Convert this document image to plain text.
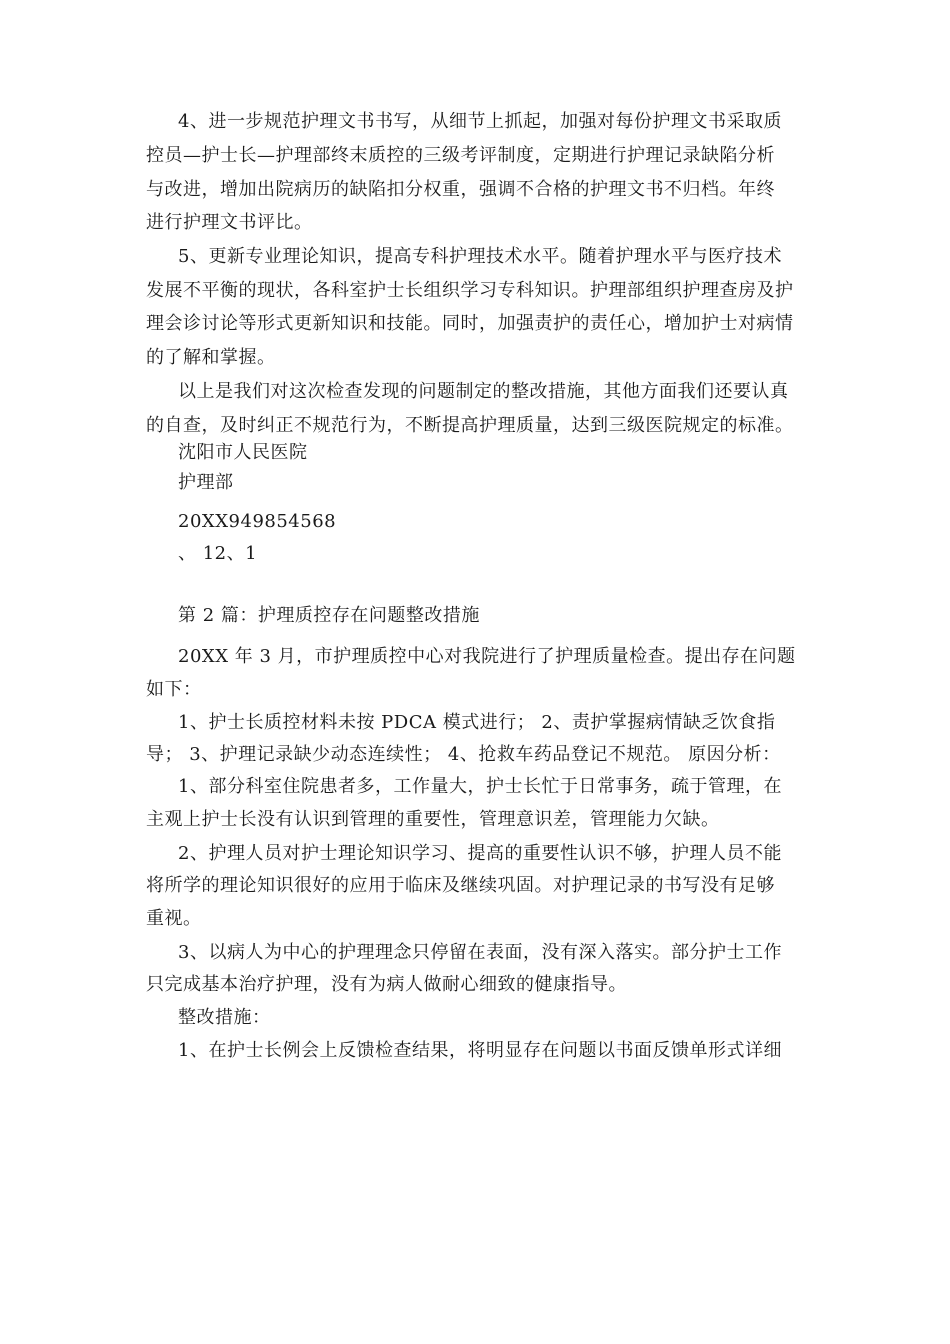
4、进一步规范护理文书书写，从细节上抓起，加强对每份护理文书采取质
控员—护士长—护理部终末质控的三级考评制度，定期进行护理记录缺陷分析
与改进，增加出院病历的缺陷扣分权重，强调不合格的护理文书不归档。年终
进行护理文书评比。
5、更新专业理论知识，提高专科护理技术水平。随着护理水平与医疗技术
发展不平衡的现状，各科室护士长组织学习专科知识。护理部组织护理查房及护
理会诊讨论等形式更新知识和技能。同时，加强责护的责任心，增加护士对病情
的了解和掌握。
以上是我们对这次检查发现的问题制定的整改措施，其他方面我们还要认真
的自查，及时纠正不规范行为，不断提高护理质量，达到三级医院规定的标准。
沈阳市人民医院
护理部
20XX949854568
、 12、1
第 2 篇：护理质控存在问题整改措施
20XX 年 3 月，市护理质控中心对我院进行了护理质量检查。提出存在问题
如下：
1、护士长质控材料未按 PDCA 模式进行； 2、责护掌握病情缺乏饮食指
导； 3、护理记录缺少动态连续性； 4、抢救车药品登记不规范。 原因分析：
1、部分科室住院患者多，工作量大，护士长忙于日常事务，疏于管理，在
主观上护士长没有认识到管理的重要性，管理意识差，管理能力欠缺。
2、护理人员对护士理论知识学习、提高的重要性认识不够，护理人员不能
将所学的理论知识很好的应用于临床及继续巩固。对护理记录的书写没有足够
重视。
3、以病人为中心的护理理念只停留在表面，没有深入落实。部分护士工作
只完成基本治疗护理，没有为病人做耐心细致的健康指导。
整改措施：
1、在护士长例会上反馈检查结果，将明显存在问题以书面反馈单形式详细
